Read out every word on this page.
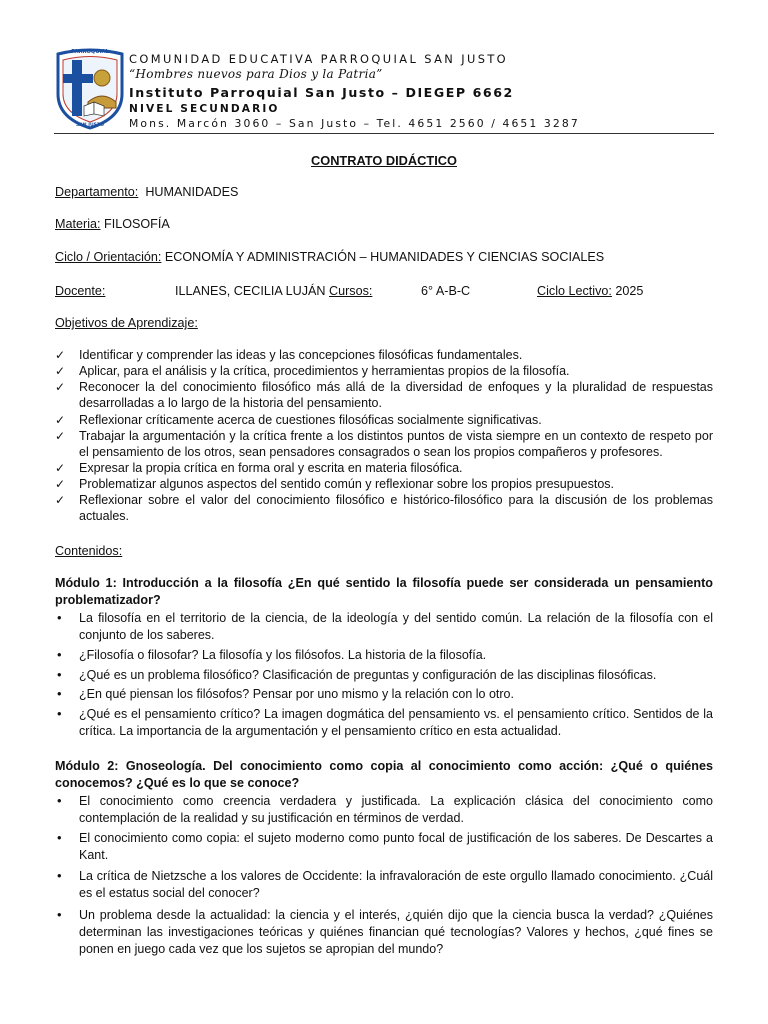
PARROQUIAL
SAN JUSTO
COMUNIDAD EDUCATIVA PARROQUIAL SAN JUSTO
“Hombres nuevos para Dios y la Patria”
Instituto Parroquial San Justo – DIEGEP 6662
NIVEL SECUNDARIO
Mons. Marcón 3060 – San Justo – Tel. 4651 2560 / 4651 3287
CONTRATO DIDÁCTICO
Departamento: HUMANIDADES
Materia: FILOSOFÍA
Ciclo / Orientación: ECONOMÍA Y ADMINISTRACIÓN – HUMANIDADES Y CIENCIAS SOCIALES
Docente:	ILLANES, CECILIA LUJÁN Cursos:	6° A-B-C	Ciclo Lectivo: 2025
Objetivos de Aprendizaje:
✓ Identificar y comprender las ideas y las concepciones filosóficas fundamentales.
✓ Aplicar, para el análisis y la crítica, procedimientos y herramientas propios de la filosofía.
✓ Reconocer la del conocimiento filosófico más allá de la diversidad de enfoques y la pluralidad de respuestas desarrolladas a lo largo de la historia del pensamiento.
✓ Reflexionar críticamente acerca de cuestiones filosóficas socialmente significativas.
✓ Trabajar la argumentación y la crítica frente a los distintos puntos de vista siempre en un contexto de respeto por el pensamiento de los otros, sean pensadores consagrados o sean los propios compañeros y profesores.
✓ Expresar la propia crítica en forma oral y escrita en materia filosófica.
✓ Problematizar algunos aspectos del sentido común y reflexionar sobre los propios presupuestos.
✓ Reflexionar sobre el valor del conocimiento filosófico e histórico-filosófico para la discusión de los problemas actuales.
Contenidos:
Módulo 1: Introducción a la filosofía ¿En qué sentido la filosofía puede ser considerada un pensamiento problematizador?
• La filosofía en el territorio de la ciencia, de la ideología y del sentido común. La relación de la filosofía con el conjunto de los saberes.
• ¿Filosofía o filosofar? La filosofía y los filósofos. La historia de la filosofía.
• ¿Qué es un problema filosófico? Clasificación de preguntas y configuración de las disciplinas filosóficas.
• ¿En qué piensan los filósofos? Pensar por uno mismo y la relación con lo otro.
• ¿Qué es el pensamiento crítico? La imagen dogmática del pensamiento vs. el pensamiento crítico. Sentidos de la crítica. La importancia de la argumentación y el pensamiento crítico en esta actualidad.
Módulo 2: Gnoseología. Del conocimiento como copia al conocimiento como acción: ¿Qué o quiénes conocemos? ¿Qué es lo que se conoce?
• El conocimiento como creencia verdadera y justificada. La explicación clásica del conocimiento como contemplación de la realidad y su justificación en términos de verdad.
• El conocimiento como copia: el sujeto moderno como punto focal de justificación de los saberes. De Descartes a Kant.
• La crítica de Nietzsche a los valores de Occidente: la infravaloración de este orgullo llamado conocimiento. ¿Cuál es el estatus social del conocer?
• Un problema desde la actualidad: la ciencia y el interés, ¿quién dijo que la ciencia busca la verdad? ¿Quiénes determinan las investigaciones teóricas y quiénes financian qué tecnologías? Valores y hechos, ¿qué fines se ponen en juego cada vez que los sujetos se apropian del mundo?
